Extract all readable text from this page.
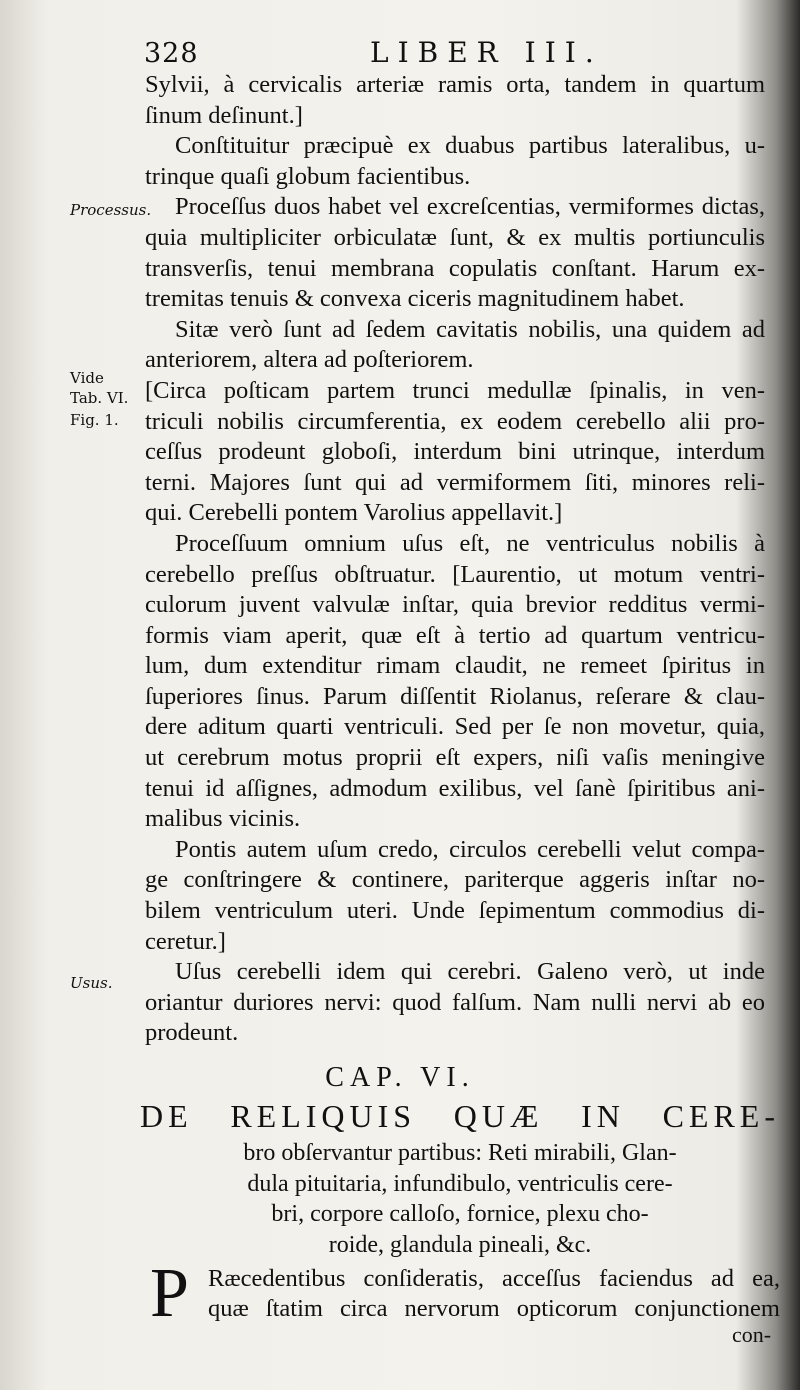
328	LIBER III.
Processus.
Vide
Tab. VI.
Fig. 1.
Usus.
Sylvii, à cervicalis arteriæ ramis orta, tandem in quartum
ſinum deſinunt.]
Conſtituitur præcipuè ex duabus partibus lateralibus, u-
trinque quaſi globum facientibus.
Proceſſus duos habet vel excreſcentias, vermiformes dictas,
quia multipliciter orbiculatæ ſunt, & ex multis portiunculis
transverſis, tenui membrana copulatis conſtant. Harum ex-
tremitas tenuis & convexa ciceris magnitudinem habet.
Sitæ verò ſunt ad ſedem cavitatis nobilis, una quidem ad
anteriorem, altera ad poſteriorem.
[Circa poſticam partem trunci medullæ ſpinalis, in ven-
triculi nobilis circumferentia, ex eodem cerebello alii pro-
ceſſus prodeunt globoſi, interdum bini utrinque, interdum
terni. Majores ſunt qui ad vermiformem ſiti, minores reli-
qui. Cerebelli pontem Varolius appellavit.]
Proceſſuum omnium uſus eſt, ne ventriculus nobilis à
cerebello preſſus obſtruatur. [Laurentio, ut motum ventri-
culorum juvent valvulæ inſtar, quia brevior redditus vermi-
formis viam aperit, quæ eſt à tertio ad quartum ventricu-
lum, dum extenditur rimam claudit, ne remeet ſpiritus in
ſuperiores ſinus. Parum diſſentit Riolanus, reſerare & clau-
dere aditum quarti ventriculi. Sed per ſe non movetur, quia,
ut cerebrum motus proprii eſt expers, niſi vaſis meningive
tenui id aſſignes, admodum exilibus, vel ſanè ſpiritibus ani-
malibus vicinis.
Pontis autem uſum credo, circulos cerebelli velut compa-
ge conſtringere & continere, pariterque aggeris inſtar no-
bilem ventriculum uteri. Unde ſepimentum commodius di-
ceretur.]
Uſus cerebelli idem qui cerebri. Galeno verò, ut inde
oriantur duriores nervi: quod falſum. Nam nulli nervi ab eo
prodeunt.
CAP. VI.
DE RELIQUIS QUÆ IN CERE-
bro obſervantur partibus: Reti mirabili, Glan-
dula pituitaria, infundibulo, ventriculis cere-
bri, corpore calloſo, fornice, plexu cho-
roide, glandula pineali, &c.
P Ræcedentibus conſideratis, acceſſus faciendus ad ea,
quæ ſtatim circa nervorum opticorum conjunctionem
con-
